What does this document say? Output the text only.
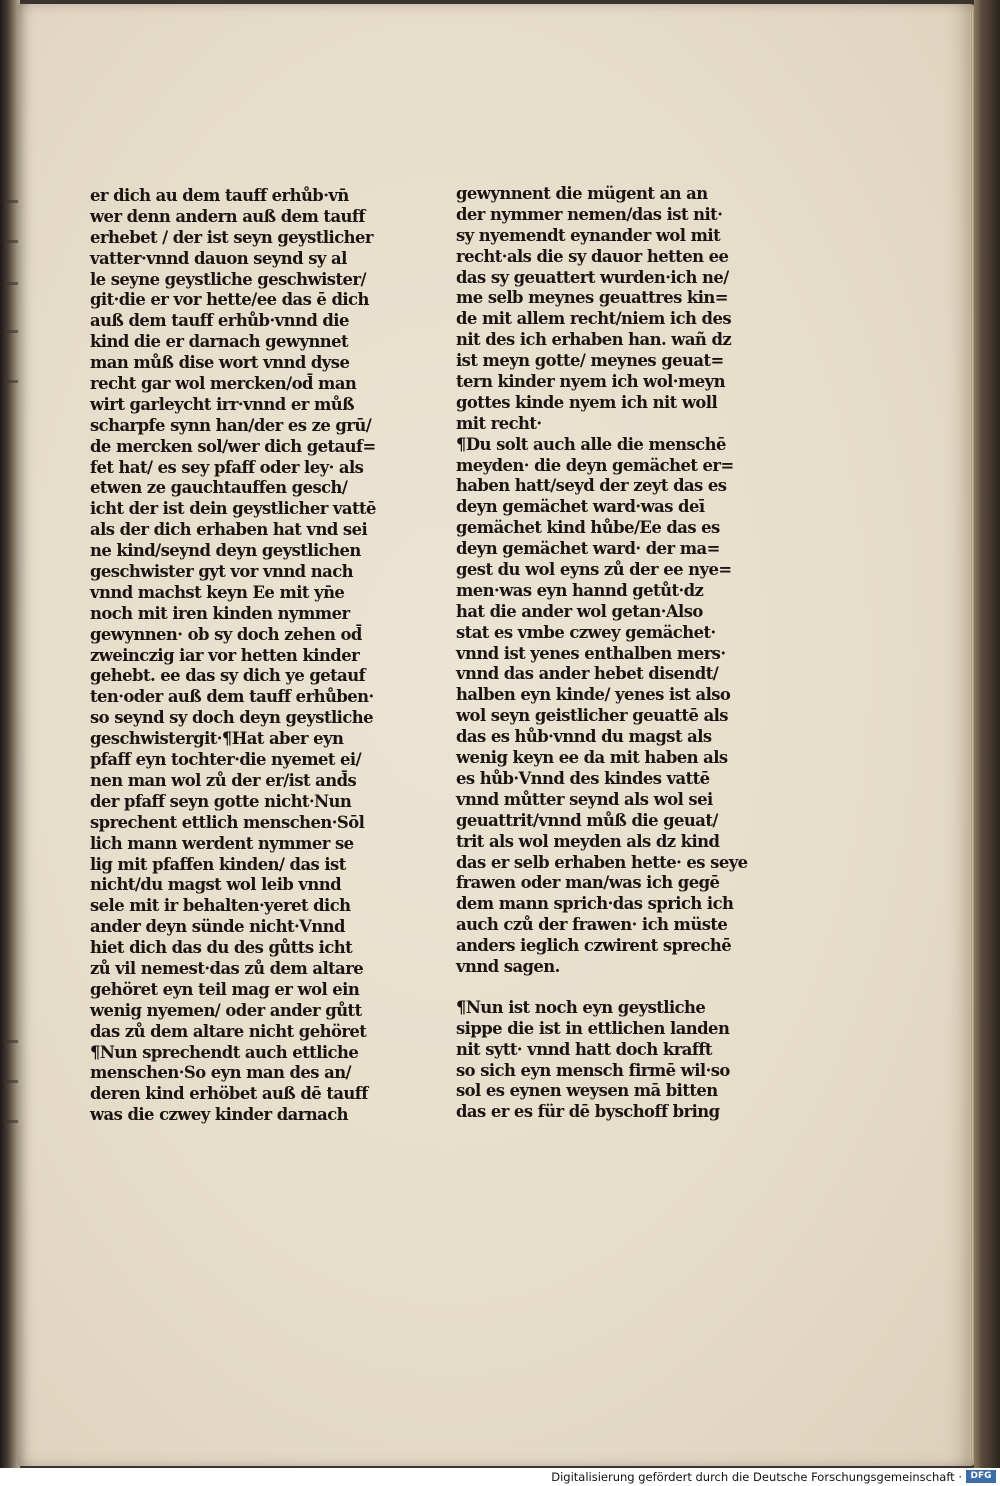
er dich au dem tauff erhůb·vn̄
wer denn andern auß dem tauff
erhebet / der ist seyn geystlicher
vatter·vnnd dauon seynd sy al
le seyne geystliche geschwister/
git·die er vor hette/ee das ē dich
auß dem tauff erhůb·vnnd die
kind die er darnach gewynnet
man můß dise wort vnnd dyse
recht gar wol mercken/od̄ man
wirt garleycht irr·vnnd er můß
scharpfe synn han/der es ze grū/
de mercken sol/wer dich getauf=
fet hat/ es sey pfaff oder ley· als
etwen ze gauchtauffen gesch/
icht der ist dein geystlicher vattē
als der dich erhaben hat vnd sei
ne kind/seynd deyn geystlichen
geschwister gyt vor vnnd nach
vnnd machst keyn Ee mit yn̄e
noch mit iren kinden nymmer
gewynnen· ob sy doch zehen od̄
zweinczig iar vor hetten kinder
gehebt. ee das sy dich ye getauf
ten·oder auß dem tauff erhůben·
so seynd sy doch deyn geystliche
geschwistergit·¶Hat aber eyn
pfaff eyn tochter·die nyemet ei/
nen man wol zů der er/ist and̄s
der pfaff seyn gotte nicht·Nun
sprechent ettlich menschen·Sōl
lich mann werdent nymmer se
lig mit pfaffen kinden/ das ist
nicht/du magst wol leib vnnd
sele mit ir behalten·yeret dich
ander deyn sünde nicht·Vnnd
hiet dich das du des gůtts icht
zů vil nemest·das zů dem altare
gehöret eyn teil mag er wol ein
wenig nyemen/ oder ander gůtt
das zů dem altare nicht gehöret
¶Nun sprechendt auch ettliche
menschen·So eyn man des an/
deren kind erhöbet auß dē tauff
was die czwey kinder darnach
gewynnent die mügent an an
der nymmer nemen/das ist nit·
sy nyemendt eynander wol mit
recht·als die sy dauor hetten ee
das sy geuattert wurden·ich ne/
me selb meynes geuattres kin=
de mit allem recht/niem ich des
nit des ich erhaben han. wañ dz
ist meyn gotte/ meynes geuat=
tern kinder nyem ich wol·meyn
gottes kinde nyem ich nit woll
mit recht·
¶Du solt auch alle die menschē
meyden· die deyn gemächet er=
haben hatt/seyd der zeyt das es
deyn gemächet ward·was deī
gemächet kind hůbe/Ee das es
deyn gemächet ward· der ma=
gest du wol eyns zů der ee nye=
men·was eyn hannd getůt·dz
hat die ander wol getan·Also
stat es vmbe czwey gemächet·
vnnd ist yenes enthalben mers·
vnnd das ander hebet disendt/
halben eyn kinde/ yenes ist also
wol seyn geistlicher geuattē als
das es hůb·vnnd du magst als
wenig keyn ee da mit haben als
es hůb·Vnnd des kindes vattē
vnnd můtter seynd als wol sei
geuattrit/vnnd můß die geuat/
trit als wol meyden als dz kind
das er selb erhaben hette· es seye
frawen oder man/was ich gegē
dem mann sprich·das sprich ich
auch czů der frawen· ich müste
anders ieglich czwirent sprechē
vnnd sagen.
¶Nun ist noch eyn geystliche
sippe die ist in ettlichen landen
nit sytt· vnnd hatt doch krafft
so sich eyn mensch firmē wil·so
sol es eynen weysen mā bitten
das er es für dē byschoff bring
Digitalisierung gefördert durch die Deutsche Forschungsgemeinschaft · DFG
